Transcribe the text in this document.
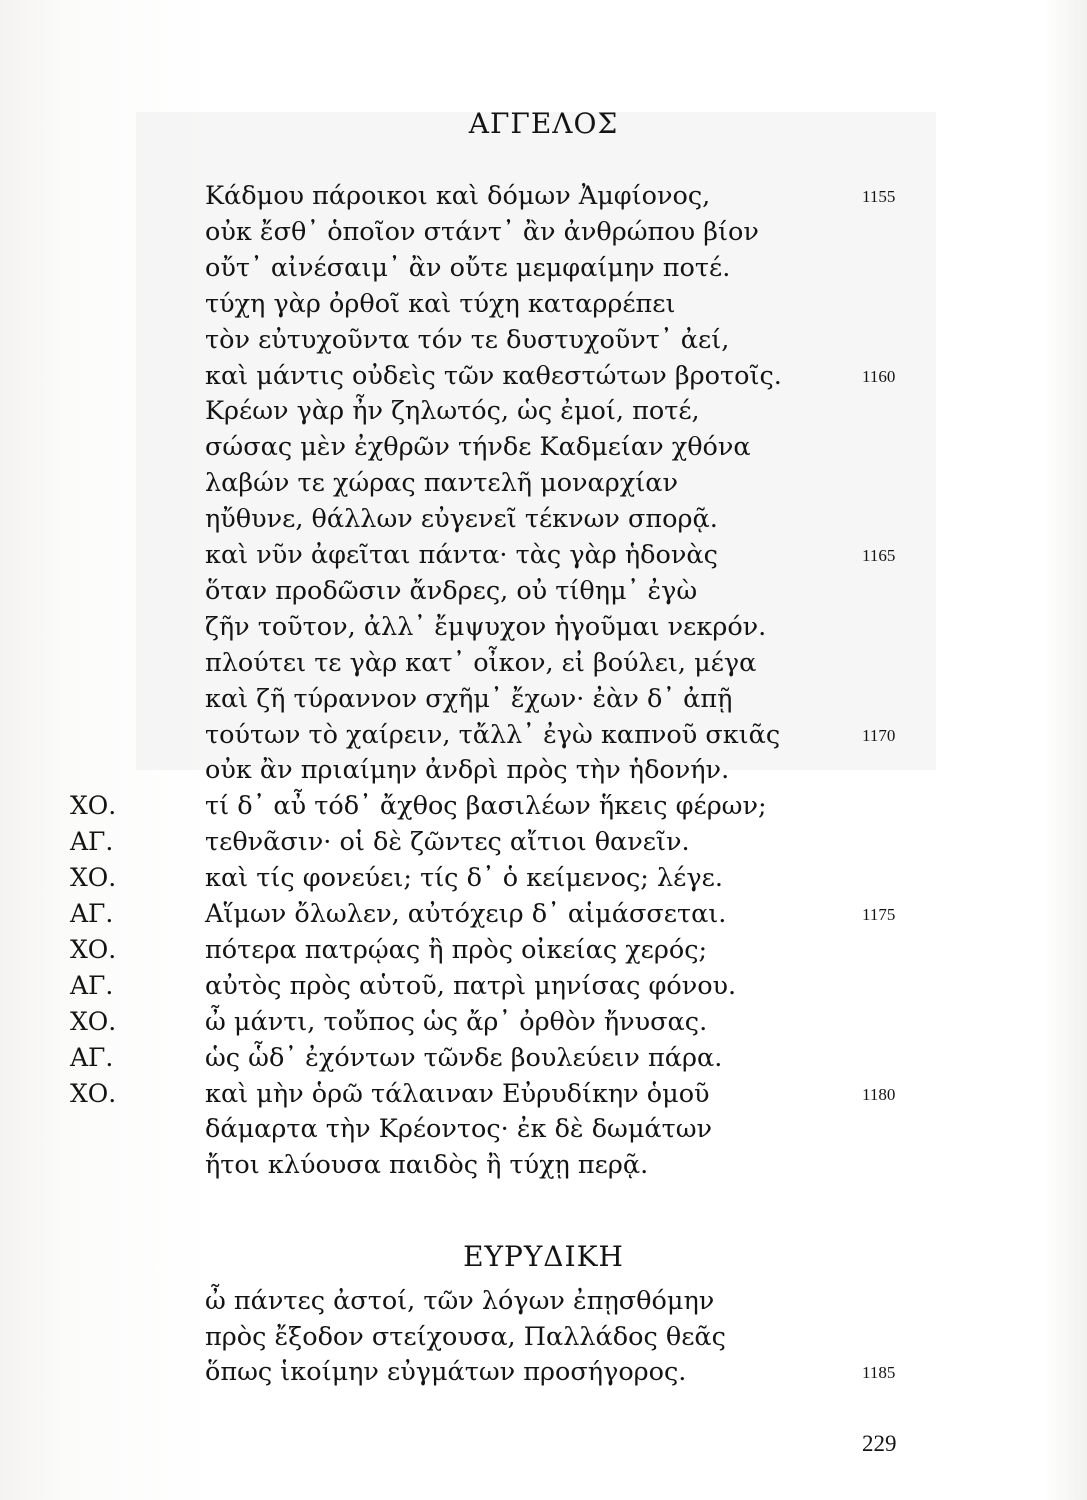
ΑΓΓΕΛΟΣ
Κάδμου πάροικοι καὶ δόμων Ἀμφίονος,	1155
οὐκ ἔσθ᾽ ὁποῖον στάντ᾽ ἂν ἀνθρώπου βίον
οὔτ᾽ αἰνέσαιμ᾽ ἂν οὔτε μεμφαίμην ποτέ.
τύχη γὰρ ὀρθοῖ καὶ τύχη καταρρέπει
τὸν εὐτυχοῦντα τόν τε δυστυχοῦντ᾽ ἀεί,
καὶ μάντις οὐδεὶς τῶν καθεστώτων βροτοῖς.	1160
Κρέων γὰρ ἦν ζηλωτός, ὡς ἐμοί, ποτέ,
σώσας μὲν ἐχθρῶν τήνδε Καδμείαν χθόνα
λαβών τε χώρας παντελῆ μοναρχίαν
ηὔθυνε, θάλλων εὐγενεῖ τέκνων σπορᾷ.
καὶ νῦν ἀφεῖται πάντα· τὰς γὰρ ἡδονὰς	1165
ὅταν προδῶσιν ἄνδρες, οὐ τίθημ᾽ ἐγὼ
ζῆν τοῦτον, ἀλλ᾽ ἔμψυχον ἡγοῦμαι νεκρόν.
πλούτει τε γὰρ κατ᾽ οἶκον, εἰ βούλει, μέγα
καὶ ζῆ τύραννον σχῆμ᾽ ἔχων· ἐὰν δ᾽ ἀπῇ
τούτων τὸ χαίρειν, τἄλλ᾽ ἐγὼ καπνοῦ σκιᾶς	1170
οὐκ ἂν πριαίμην ἀνδρὶ πρὸς τὴν ἡδονήν.
ΧΟ.	τί δ᾽ αὖ τόδ᾽ ἄχθος βασιλέων ἥκεις φέρων;
ΑΓ.	τεθνᾶσιν· οἱ δὲ ζῶντες αἴτιοι θανεῖν.
ΧΟ.	καὶ τίς φονεύει; τίς δ᾽ ὁ κείμενος; λέγε.
ΑΓ.	Αἵμων ὄλωλεν, αὐτόχειρ δ᾽ αἱμάσσεται.	1175
ΧΟ.	πότερα πατρῴας ἢ πρὸς οἰκείας χερός;
ΑΓ.	αὐτὸς πρὸς αὑτοῦ, πατρὶ μηνίσας φόνου.
ΧΟ.	ὦ μάντι, τοὔπος ὡς ἄρ᾽ ὀρθὸν ἤνυσας.
ΑΓ.	ὡς ὧδ᾽ ἐχόντων τῶνδε βουλεύειν πάρα.
ΧΟ.	καὶ μὴν ὁρῶ τάλαιναν Εὐρυδίκην ὁμοῦ	1180
δάμαρτα τὴν Κρέοντος· ἐκ δὲ δωμάτων
ἤτοι κλύουσα παιδὸς ἢ τύχῃ περᾷ.
ΕΥΡΥΔΙΚΗ
ὦ πάντες ἀστοί, τῶν λόγων ἐπῃσθόμην
πρὸς ἔξοδον στείχουσα, Παλλάδος θεᾶς
ὅπως ἱκοίμην εὐγμάτων προσήγορος.	1185
229
